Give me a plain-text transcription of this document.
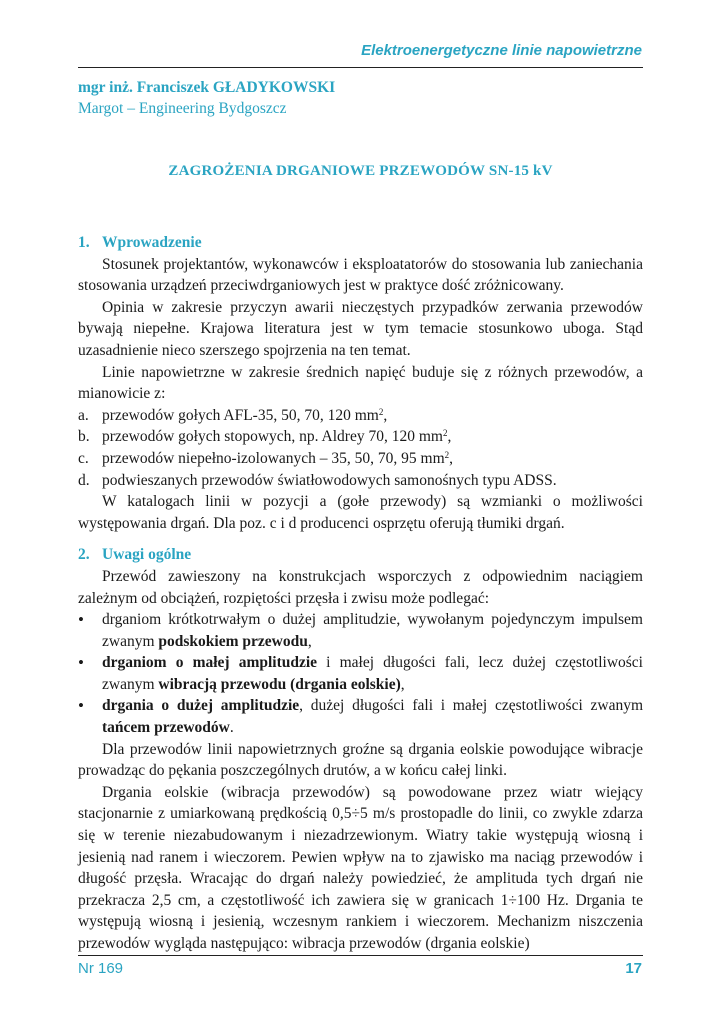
Elektroenergetyczne linie napowietrzne
mgr inż. Franciszek GŁADYKOWSKI
Margot – Engineering Bydgoszcz
ZAGROŻENIA DRGANIOWE PRZEWODÓW SN-15 kV

1. Wprowadzenie

Stosunek projektantów, wykonawców i eksploatatorów do stosowania lub zaniechania stosowania urządzeń przeciwdrganiowych jest w praktyce dość zróżnicowany.

Opinia w zakresie przyczyn awarii nieczęstych przypadków zerwania przewodów bywają niepełne. Krajowa literatura jest w tym temacie stosunkowo uboga. Stąd uzasadnienie nieco szerszego spojrzenia na ten temat.

Linie napowietrzne w zakresie średnich napięć buduje się z różnych przewodów, a mianowicie z:

a. przewodów gołych AFL-35, 50, 70, 120 $mm^2$,
b. przewodów gołych stopowych, np. Aldrey 70, 120 $mm^2$,
c. przewodów niepełno-izolowanych – 35, 50, 70, 95 $mm^2$,
d. podwieszanych przewodów światłowodowych samonośnych typu ADSS.

W katalogach linii w pozycji a (gołe przewody) są wzmianki o możliwości występowania drgań. Dla poz. c i d producenci osprzętu oferują tłumiki drgań.

2. Uwagi ogólne

Przewód zawieszony na konstrukcjach wsporczych z odpowiednim naciągiem zależnym od obciążeń, rozpiętości przęsła i zwisu może podlegać:

•	drganiom krótkotrwałym o dużej amplitudzie, wywołanym pojedynczym impulsem zwanym podskokiem przewodu,
•	drganiom o małej amplitudzie i małej długości fali, lecz dużej częstotliwości zwanym wibracją przewodu (drgania eolskie),
•	drgania o dużej amplitudzie, dużej długości fali i małej częstotliwości zwanym tańcem przewodów.

Dla przewodów linii napowietrznych groźne są drgania eolskie powodujące wibracje prowadząc do pękania poszczególnych drutów, a w końcu całej linki.

Drgania eolskie (wibracja przewodów) są powodowane przez wiatr wiejący stacjonarnie z umiarkowaną prędkością 0,5÷5 m/s prostopadle do linii, co zwykle zdarza się w terenie niezabudowanym i niezadrzewionym. Wiatry takie występują wiosną i jesienią nad ranem i wieczorem. Pewien wpływ na to zjawisko ma naciąg przewodów i długość przęsła. Wracając do drgań należy powiedzieć, że amplituda tych drgań nie przekracza 2,5 cm, a częstotliwość ich zawiera się w granicach 1÷100 Hz. Drgania te występują wiosną i jesienią, wczesnym rankiem i wieczorem. Mechanizm niszczenia przewodów wygląda następująco: wibracja przewodów (drgania eolskie)

Nr 169	17
